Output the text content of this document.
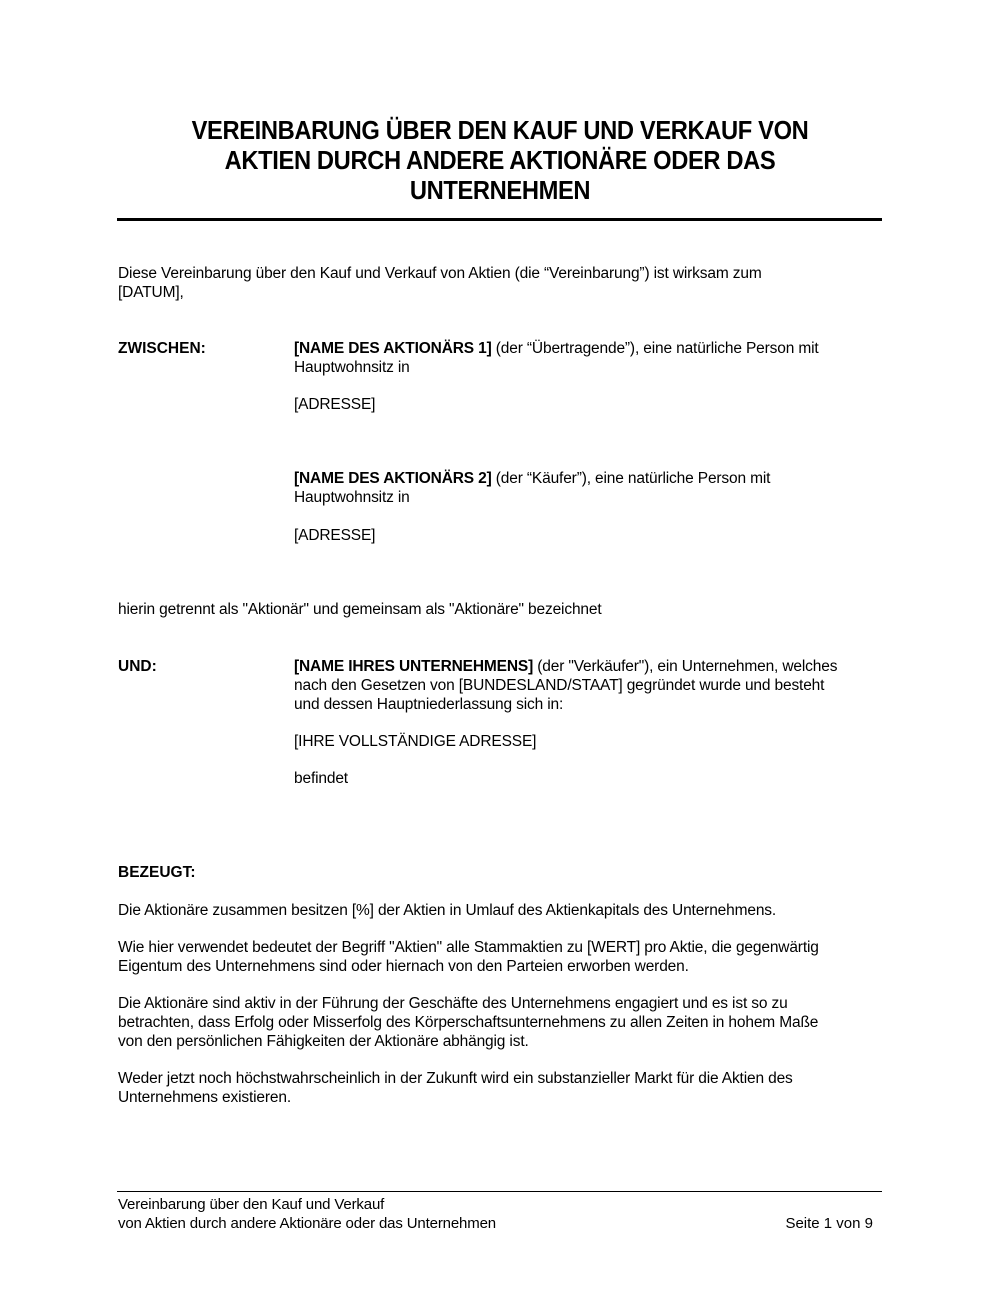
VEREINBARUNG ÜBER DEN KAUF UND VERKAUF VON
AKTIEN DURCH ANDERE AKTIONÄRE ODER DAS
UNTERNEHMEN
Diese Vereinbarung über den Kauf und Verkauf von Aktien (die “Vereinbarung”) ist wirksam zum
[DATUM],
ZWISCHEN:	[NAME DES AKTIONÄRS 1] (der “Übertragende”), eine natürliche Person mit
Hauptwohnsitz in
[ADRESSE]
[NAME DES AKTIONÄRS 2] (der “Käufer”), eine natürliche Person mit
Hauptwohnsitz in
[ADRESSE]
hierin getrennt als "Aktionär" und gemeinsam als "Aktionäre" bezeichnet
UND:	[NAME IHRES UNTERNEHMENS] (der "Verkäufer"), ein Unternehmen, welches
nach den Gesetzen von [BUNDESLAND/STAAT] gegründet wurde und besteht
und dessen Hauptniederlassung sich in:
[IHRE VOLLSTÄNDIGE ADRESSE]
befindet
BEZEUGT:
Die Aktionäre zusammen besitzen [%] der Aktien in Umlauf des Aktienkapitals des Unternehmens.
Wie hier verwendet bedeutet der Begriff "Aktien" alle Stammaktien zu [WERT] pro Aktie, die gegenwärtig
Eigentum des Unternehmens sind oder hiernach von den Parteien erworben werden.
Die Aktionäre sind aktiv in der Führung der Geschäfte des Unternehmens engagiert und es ist so zu
betrachten, dass Erfolg oder Misserfolg des Körperschaftsunternehmens zu allen Zeiten in hohem Maße
von den persönlichen Fähigkeiten der Aktionäre abhängig ist.
Weder jetzt noch höchstwahrscheinlich in der Zukunft wird ein substanzieller Markt für die Aktien des
Unternehmens existieren.
Vereinbarung über den Kauf und Verkauf
von Aktien durch andere Aktionäre oder das Unternehmen	Seite 1 von 9
